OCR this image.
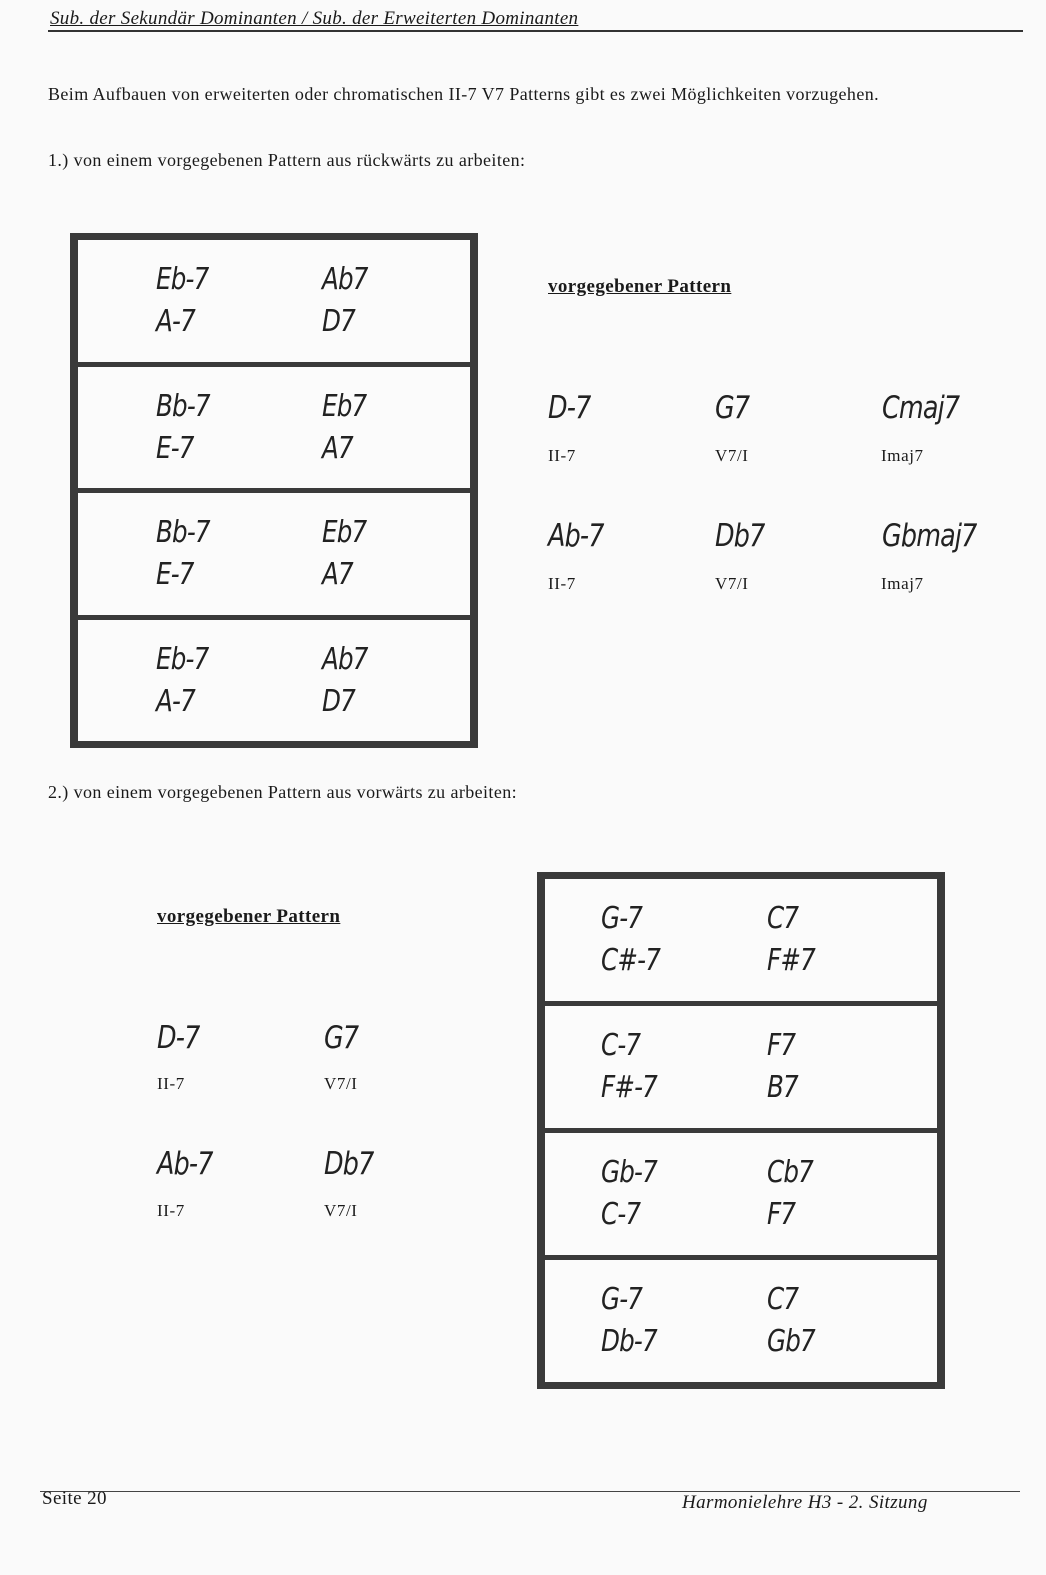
Sub. der Sekundär Dominanten / Sub. der Erweiterten Dominanten
Beim Aufbauen von erweiterten oder chromatischen II-7 V7 Patterns gibt es zwei Möglichkeiten vorzugehen.
1.) von einem vorgegebenen Pattern aus rückwärts zu arbeiten:
Eb-7	Ab7
A-7	D7
Bb-7	Eb7
E-7	A7
Bb-7	Eb7
E-7	A7
Eb-7	Ab7
A-7	D7
vorgegebener Pattern
D-7	G7	Cmaj7
II-7	V7/I	Imaj7
Ab-7	Db7	Gbmaj7
II-7	V7/I	Imaj7
2.) von einem vorgegebenen Pattern aus vorwärts zu arbeiten:
vorgegebener Pattern
D-7	G7
II-7	V7/I
Ab-7	Db7
II-7	V7/I
G-7	C7
C#-7	F#7
C-7	F7
F#-7	B7
Gb-7	Cb7
C-7	F7
G-7	C7
Db-7	Gb7
Seite 20	Harmonielehre H3 - 2. Sitzung
